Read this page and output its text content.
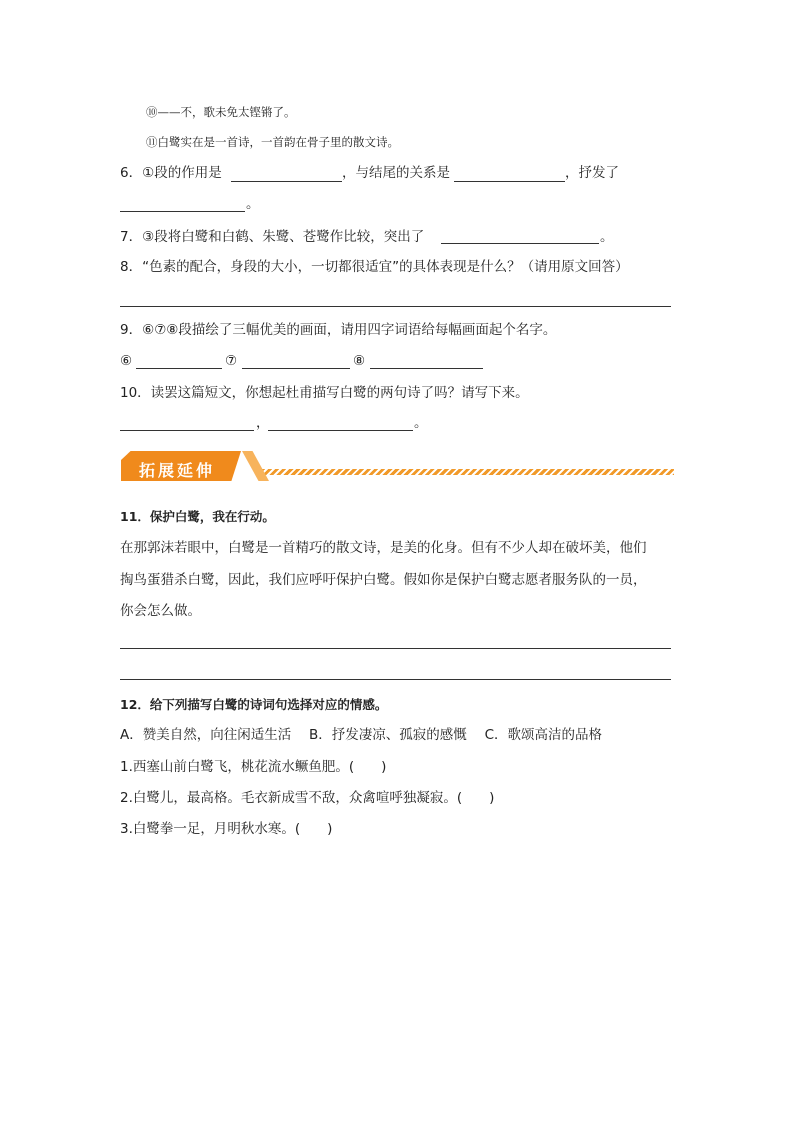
⑩——不，歌未免太铿锵了。
⑪白鹭实在是一首诗，一首韵在骨子里的散文诗。
6．①段的作用是	，与结尾的关系是	，抒发了
。
7．③段将白鹭和白鹤、朱鹭、苍鹭作比较，突出了	。
8．“色素的配合，身段的大小，一切都很适宜”的具体表现是什么？（请用原文回答）
9．⑥⑦⑧段描绘了三幅优美的画面，请用四字词语给每幅画面起个名字。
⑥	⑦	⑧
10．读罢这篇短文，你想起杜甫描写白鹭的两句诗了吗？请写下来。
，	。
拓展延伸
11．保护白鹭，我在行动。
在那郭沫若眼中，白鹭是一首精巧的散文诗，是美的化身。但有不少人却在破坏美，他们
掏鸟蛋猎杀白鹭，因此，我们应呼吁保护白鹭。假如你是保护白鹭志愿者服务队的一员，
你会怎么做。
12．给下列描写白鹭的诗词句选择对应的情感。
A．赞美自然，向往闲适生活　 B．抒发凄凉、孤寂的感慨　 C．歌颂高洁的品格
1.西塞山前白鹭飞，桃花流水鳜鱼肥。(　　)
2.白鹭儿，最高格。毛衣新成雪不敌，众禽喧呼独凝寂。(　　)
3.白鹭拳一足，月明秋水寒。(　　)
